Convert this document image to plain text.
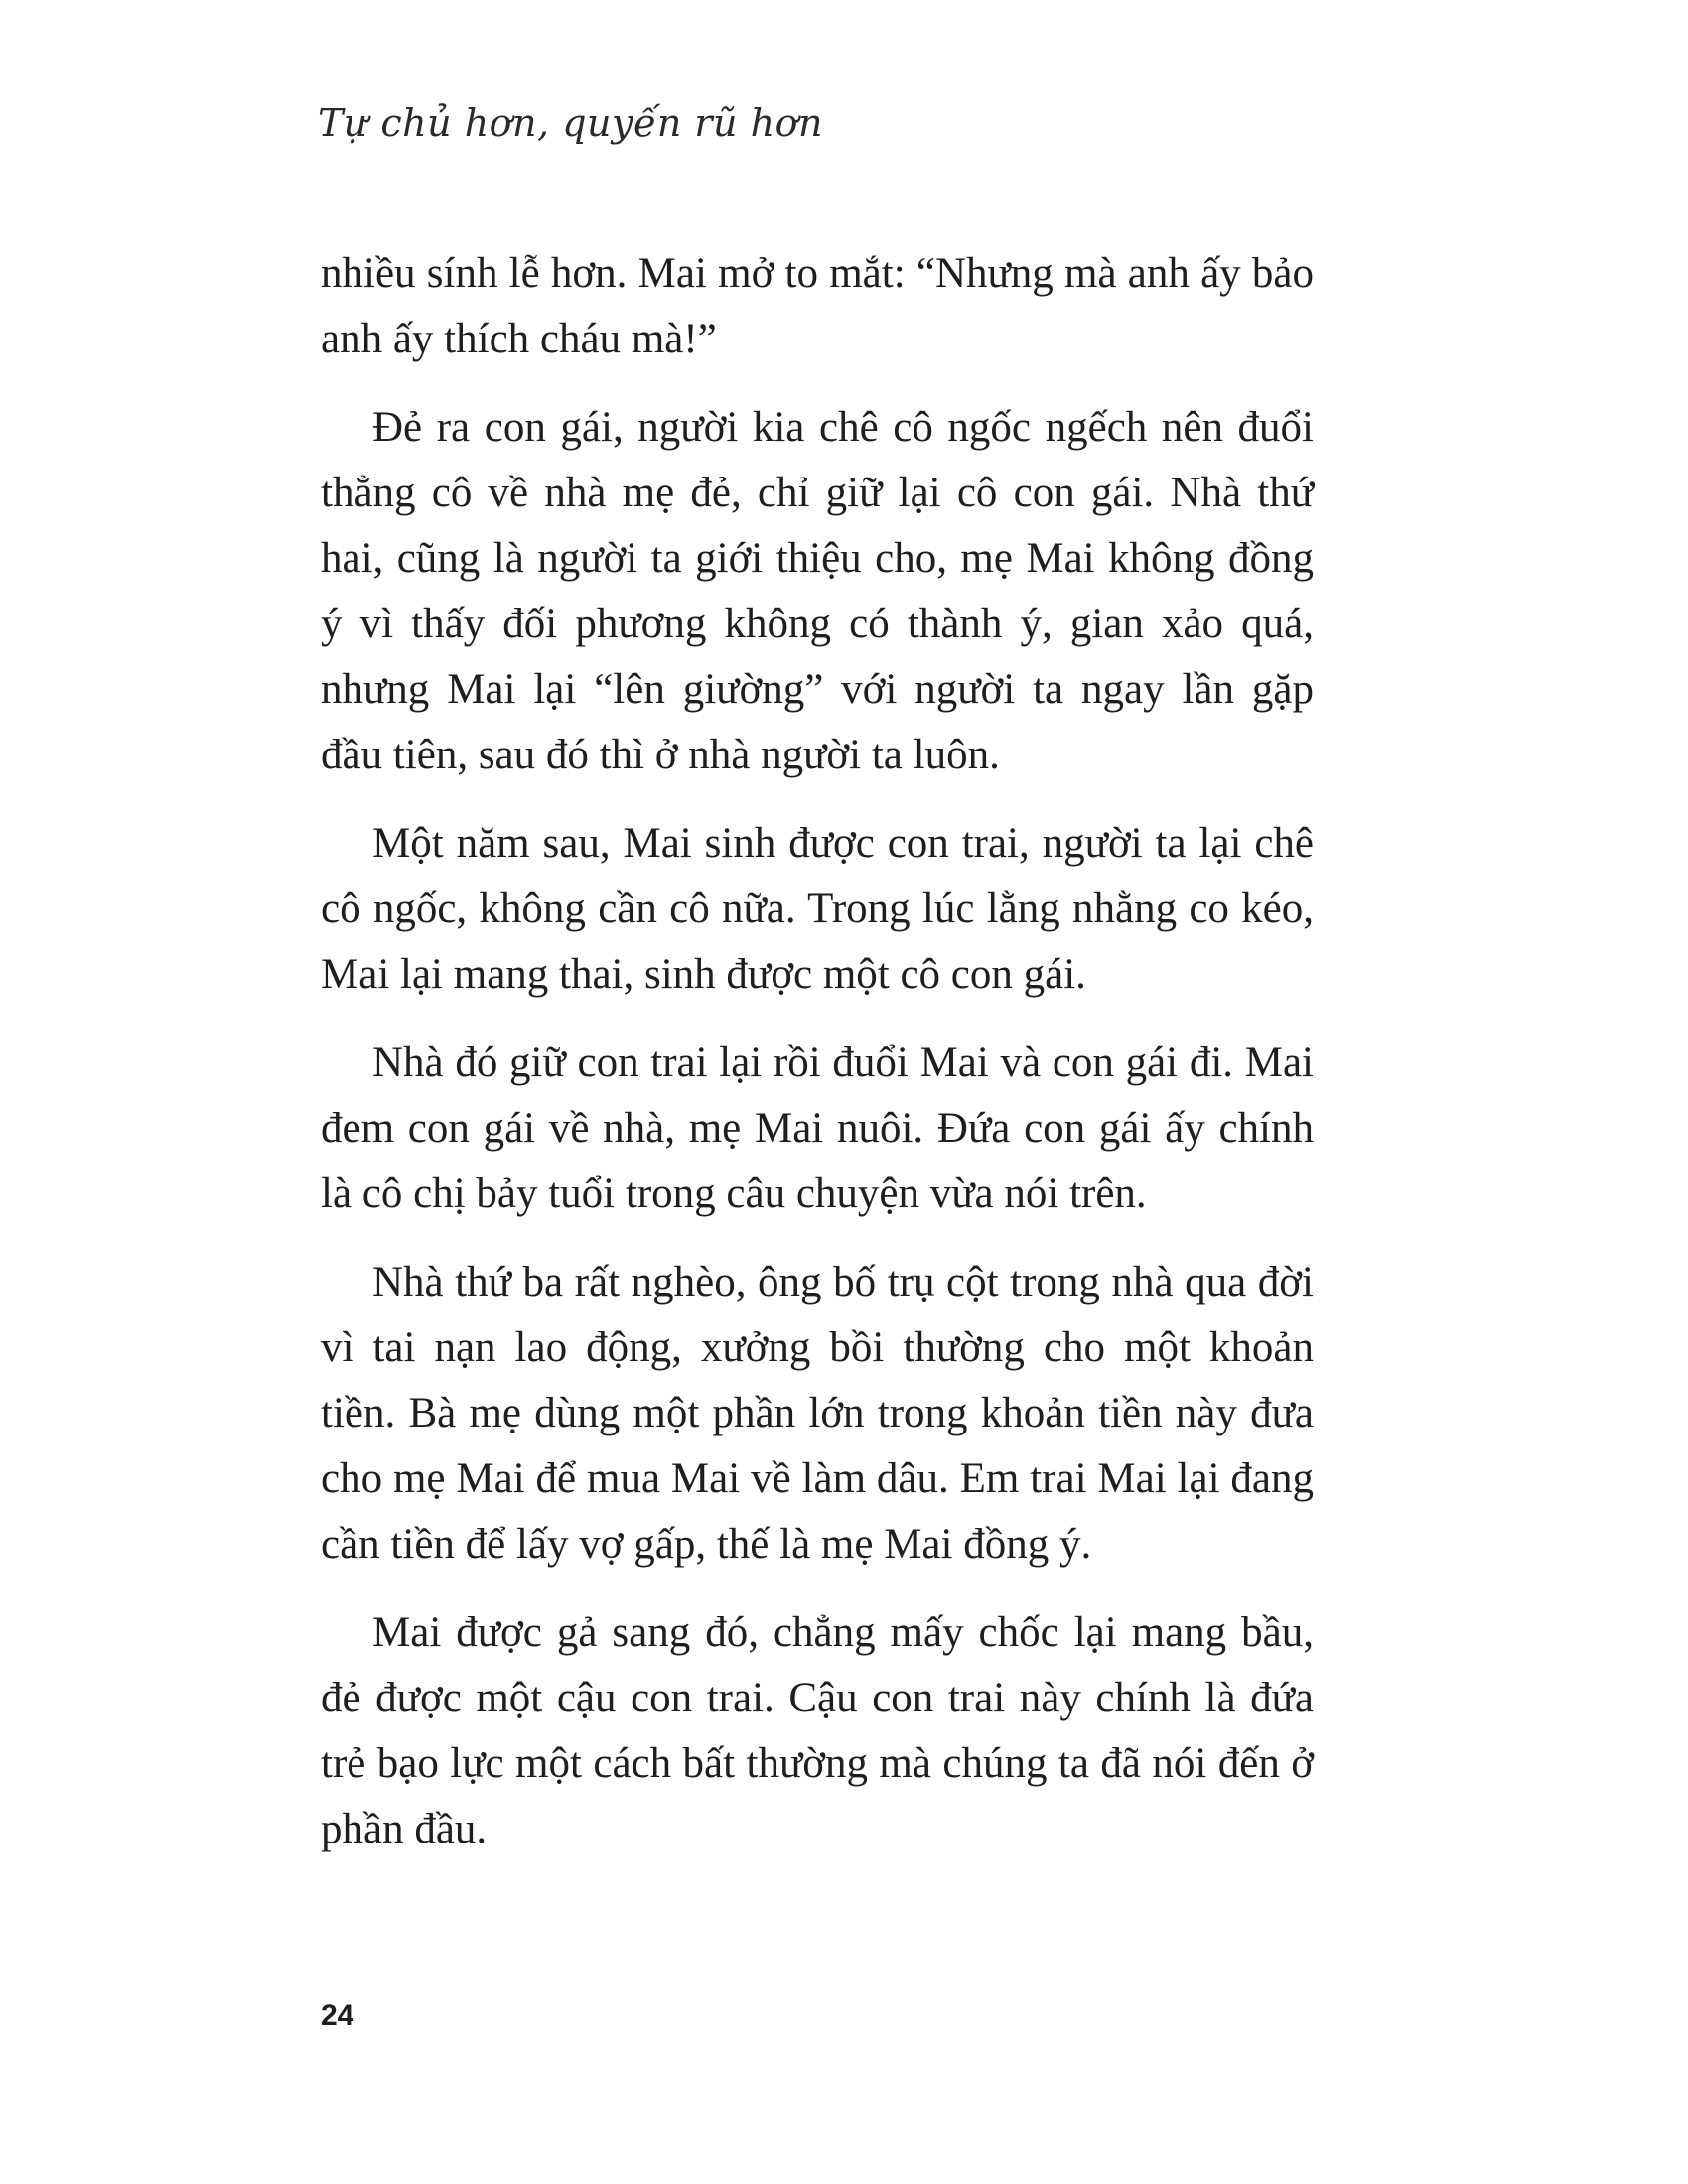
Tự chủ hơn, quyến rũ hơn

nhiều sính lễ hơn. Mai mở to mắt: “Nhưng mà anh ấy bảo anh ấy thích cháu mà!”

Đẻ ra con gái, người kia chê cô ngốc ngếch nên đuổi thẳng cô về nhà mẹ đẻ, chỉ giữ lại cô con gái. Nhà thứ hai, cũng là người ta giới thiệu cho, mẹ Mai không đồng ý vì thấy đối phương không có thành ý, gian xảo quá, nhưng Mai lại “lên giường” với người ta ngay lần gặp đầu tiên, sau đó thì ở nhà người ta luôn.

Một năm sau, Mai sinh được con trai, người ta lại chê cô ngốc, không cần cô nữa. Trong lúc lằng nhằng co kéo, Mai lại mang thai, sinh được một cô con gái.

Nhà đó giữ con trai lại rồi đuổi Mai và con gái đi. Mai đem con gái về nhà, mẹ Mai nuôi. Đứa con gái ấy chính là cô chị bảy tuổi trong câu chuyện vừa nói trên.

Nhà thứ ba rất nghèo, ông bố trụ cột trong nhà qua đời vì tai nạn lao động, xưởng bồi thường cho một khoản tiền. Bà mẹ dùng một phần lớn trong khoản tiền này đưa cho mẹ Mai để mua Mai về làm dâu. Em trai Mai lại đang cần tiền để lấy vợ gấp, thế là mẹ Mai đồng ý.

Mai được gả sang đó, chẳng mấy chốc lại mang bầu, đẻ được một cậu con trai. Cậu con trai này chính là đứa trẻ bạo lực một cách bất thường mà chúng ta đã nói đến ở phần đầu.

24
